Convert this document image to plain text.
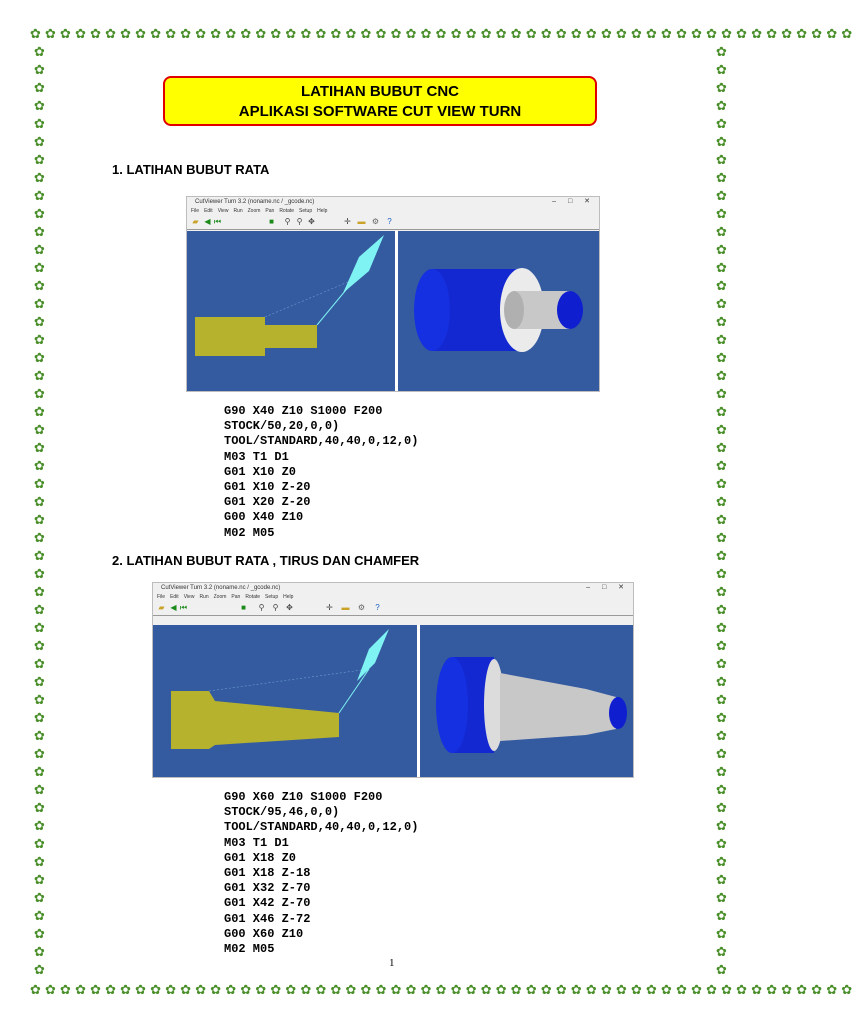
✿ ✿ ✿ ✿ ✿ ✿ ✿ ✿ ✿ ✿ ✿ ✿ ✿ ✿ ✿ ✿ ✿ ✿ ✿ ✿ ✿ ✿ ✿ ✿ ✿ ✿ ✿ ✿ ✿ ✿ ✿ ✿ ✿ ✿ ✿ ✿ ✿ ✿ ✿ ✿ ✿ ✿ ✿ ✿ ✿ ✿ ✿ ✿ ✿ ✿ ✿ ✿ ✿ ✿ ✿
✿ ✿ ✿ ✿ ✿ ✿ ✿ ✿ ✿ ✿ ✿ ✿ ✿ ✿ ✿ ✿ ✿ ✿ ✿ ✿ ✿ ✿ ✿ ✿ ✿ ✿ ✿ ✿ ✿ ✿ ✿ ✿ ✿ ✿ ✿ ✿ ✿ ✿ ✿ ✿ ✿ ✿ ✿ ✿ ✿ ✿ ✿ ✿ ✿ ✿ ✿ ✿ ✿ ✿ ✿
✿✿✿✿✿✿✿✿✿✿✿✿✿✿✿✿✿✿✿✿✿✿✿✿✿✿✿✿✿✿✿✿✿✿✿✿✿✿✿✿✿✿✿✿✿✿✿✿✿✿✿✿
✿✿✿✿✿✿✿✿✿✿✿✿✿✿✿✿✿✿✿✿✿✿✿✿✿✿✿✿✿✿✿✿✿✿✿✿✿✿✿✿✿✿✿✿✿✿✿✿✿✿✿✿
LATIHAN BUBUT CNC
APLIKASI SOFTWARE CUT VIEW TURN
1. LATIHAN BUBUT RATA
CutViewer Turn 3.2 (noname.nc / _gcode.nc)	– □ ✕
File Edit View Run Zoom Pan Rotate Setup Help
▰ ◀ ⏮	■ ⚲ ⚲ ✥	✛ ▬ ⚙ ?
G90 X40 Z10 S1000 F200
STOCK/50,20,0,0)
TOOL/STANDARD,40,40,0,12,0)
M03 T1 D1
G01 X10 Z0
G01 X10 Z-20
G01 X20 Z-20
G00 X40 Z10
M02 M05
2. LATIHAN BUBUT RATA , TIRUS DAN CHAMFER
CutViewer Turn 3.2 (noname.nc / _gcode.nc)	– □ ✕
File Edit View Run Zoom Pan Rotate Setup Help
▰ ◀ ⏮	■ ⚲ ⚲ ✥	✛ ▬ ⚙ ?
G90 X60 Z10 S1000 F200
STOCK/95,46,0,0)
TOOL/STANDARD,40,40,0,12,0)
M03 T1 D1
G01 X18 Z0
G01 X18 Z-18
G01 X32 Z-70
G01 X42 Z-70
G01 X46 Z-72
G00 X60 Z10
M02 M05
1
